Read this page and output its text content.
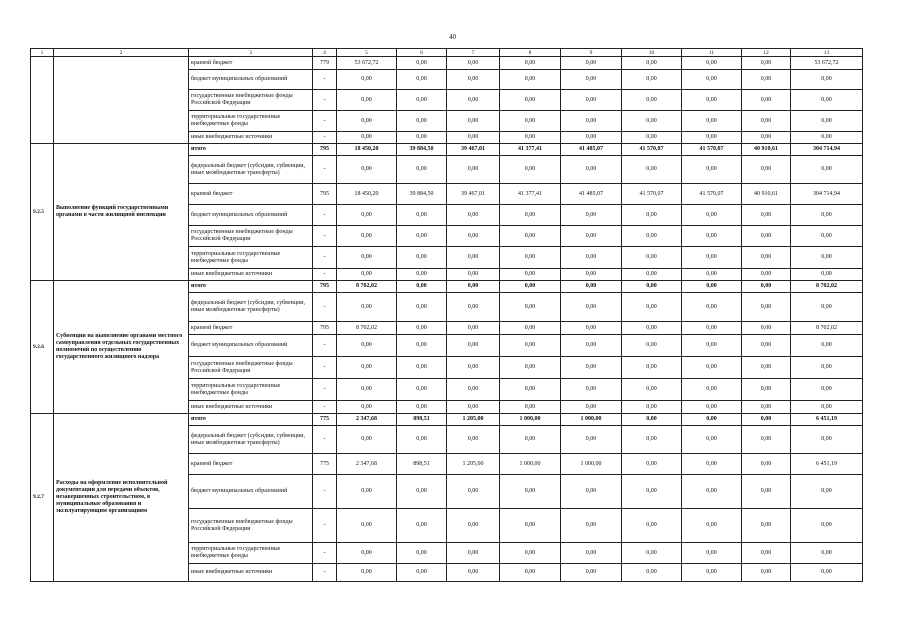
40
1	2	3	4	5	6	7	8	9	10	11	12	13
		краевой бюджет	779	53 672,72	0,00	0,00	0,00	0,00	0,00	0,00	0,00	53 672,72
		бюджет муниципальных образований	-	0,00	0,00	0,00	0,00	0,00	0,00	0,00	0,00	0,00
		государственные внебюджетные фонды Российской Федерации	-	0,00	0,00	0,00	0,00	0,00	0,00	0,00	0,00	0,00
		территориальные государственные внебюджетные фонды	-	0,00	0,00	0,00	0,00	0,00	0,00	0,00	0,00	0,00
		иные внебюджетные источники	-	0,00	0,00	0,00	0,00	0,00	0,00	0,00	0,00	0,00
9.2.5	Выполнение функций государственными органами в части жилищной инспекции	итого	795	18 450,20	39 884,50	39 467,01	41 377,41	41 485,07	41 570,07	41 570,07	40 910,61	304 714,94
		федеральный бюджет (субсидии, субвенции, иные межбюджетные трансферты)	-	0,00	0,00	0,00	0,00	0,00	0,00	0,00	0,00	0,00
		краевой бюджет	795	18 450,20	39 884,50	39 467,01	41 377,41	41 485,07	41 570,07	41 570,07	40 910,61	304 714,94
		бюджет муниципальных образований	-	0,00	0,00	0,00	0,00	0,00	0,00	0,00	0,00	0,00
		государственные внебюджетные фонды Российской Федерации	-	0,00	0,00	0,00	0,00	0,00	0,00	0,00	0,00	0,00
		территориальные государственные внебюджетные фонды	-	0,00	0,00	0,00	0,00	0,00	0,00	0,00	0,00	0,00
		иные внебюджетные источники	-	0,00	0,00	0,00	0,00	0,00	0,00	0,00	0,00	0,00
9.2.6	Субвенции на выполнение органами местного самоуправления отдельных государственных полномочий по осуществлению государственного жилищного надзора	итого	795	8 702,02	0,00	0,00	0,00	0,00	0,00	0,00	0,00	8 702,02
		федеральный бюджет (субсидии, субвенции, иные межбюджетные трансферты)	-	0,00	0,00	0,00	0,00	0,00	0,00	0,00	0,00	0,00
		краевой бюджет	795	8 702,02	0,00	0,00	0,00	0,00	0,00	0,00	0,00	8 702,02
		бюджет муниципальных образований	-	0,00	0,00	0,00	0,00	0,00	0,00	0,00	0,00	0,00
		государственные внебюджетные фонды Российской Федерации	-	0,00	0,00	0,00	0,00	0,00	0,00	0,00	0,00	0,00
		территориальные государственные внебюджетные фонды	-	0,00	0,00	0,00	0,00	0,00	0,00	0,00	0,00	0,00
		иные внебюджетные источники	-	0,00	0,00	0,00	0,00	0,00	0,00	0,00	0,00	0,00
9.2.7	Расходы на оформление исполнительной документации для передачи объектов, незавершенных строительством, в муниципальные образования и эксплуатирующим организациям	итого	775	2 347,68	898,51	1 205,00	1 000,00	1 000,00	0,00	0,00	0,00	6 451,19
		федеральный бюджет (субсидии, субвенции, иные межбюджетные трансферты)	-	0,00	0,00	0,00	0,00	0,00	0,00	0,00	0,00	0,00
		краевой бюджет	775	2 347,68	898,51	1 205,00	1 000,00	1 000,00	0,00	0,00	0,00	6 451,19
		бюджет муниципальных образований	-	0,00	0,00	0,00	0,00	0,00	0,00	0,00	0,00	0,00
		государственные внебюджетные фонды Российской Федерации	-	0,00	0,00	0,00	0,00	0,00	0,00	0,00	0,00	0,00
		территориальные государственные внебюджетные фонды	-	0,00	0,00	0,00	0,00	0,00	0,00	0,00	0,00	0,00
		иные внебюджетные источники	-	0,00	0,00	0,00	0,00	0,00	0,00	0,00	0,00	0,00
